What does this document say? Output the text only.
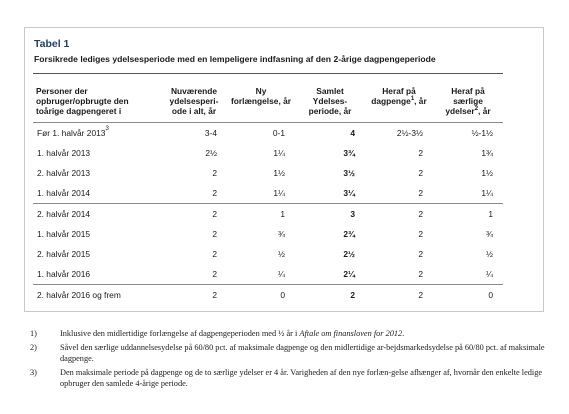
Tabel 1
Forsikrede lediges ydelsesperiode med en lempeligere indfasning af den 2-årige dagpengeperiode
Personer der opbruger/opbrugte den toårige dagpengeret i	Nuværende ydelsesperi-ode i alt, år	Ny forlængelse, år	Samlet Ydelses-periode, år	Heraf på dagpenge$^1$, år	Heraf på særlige ydelser$^2$, år
Før 1. halvår 2013$^3$	3-4	0-1	4	2½-3½	½-1½
1. halvår 2013	2½	1¼	3¾	2	1¾
2. halvår 2013	2	1½	3½	2	1½
1. halvår 2014	2	1¼	3¼	2	1¼
2. halvår 2014	2	1	3	2	1
1. halvår 2015	2	¾	2¾	2	¾
2. halvår 2015	2	½	2½	2	½
1. halvår 2016	2	¼	2¼	2	¼
2. halvår 2016 og frem	2	0	2	2	0
1)	Inklusive den midlertidige forlængelse af dagpengeperioden med ½ år i Aftale om finansloven for 2012.
2)	Såvel den særlige uddannelsesydelse på 60/80 pct. af maksimale dagpenge og den midlertidige ar-bejdsmarkedsydelse på 60/80 pct. af maksimale dagpenge.
3)	Den maksimale periode på dagpenge og de to særlige ydelser er 4 år. Varigheden af den nye forlæn-gelse afhænger af, hvornår den enkelte ledige opbruger den samlede 4-årige periode.
